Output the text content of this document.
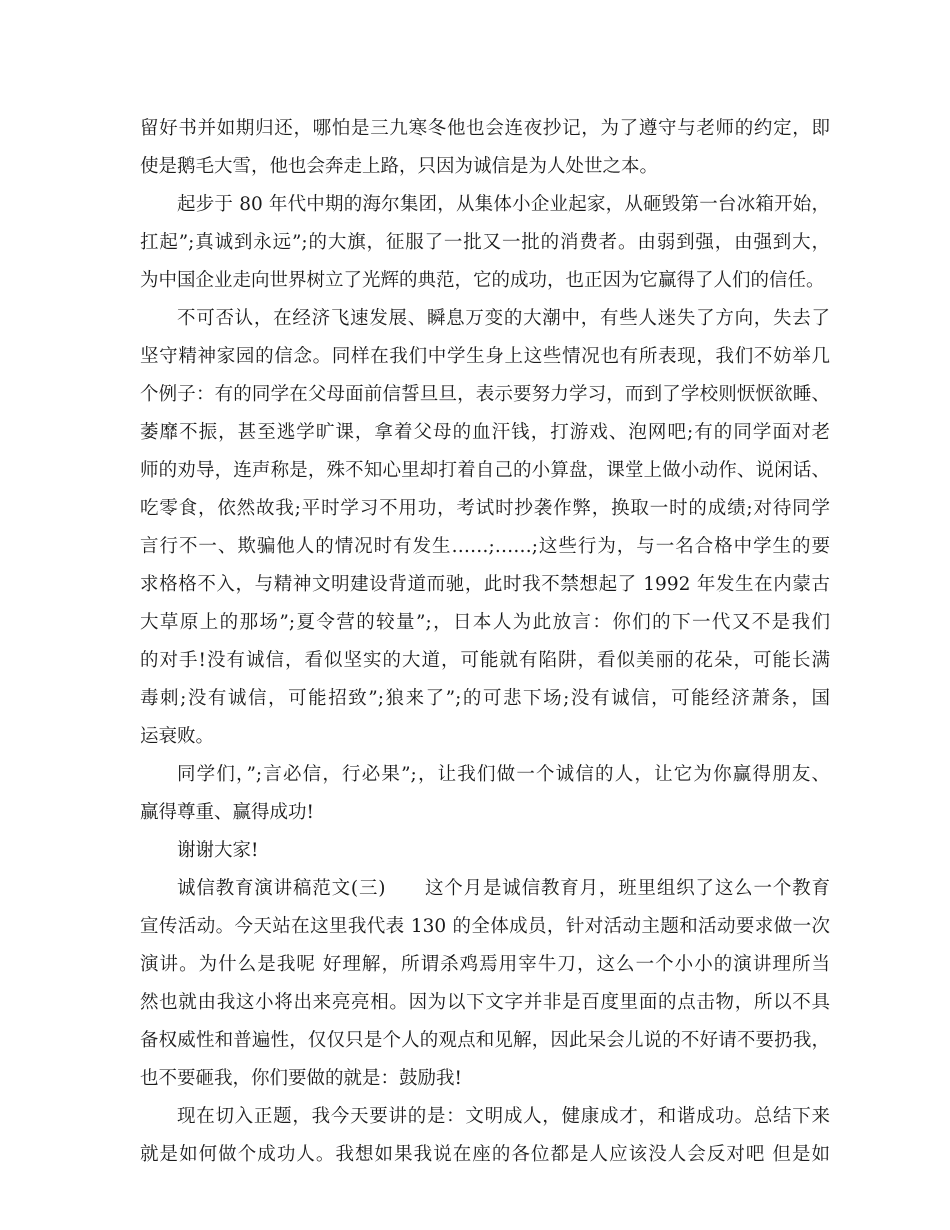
留好书并如期归还，哪怕是三九寒冬他也会连夜抄记，为了遵守与老师的约定，即
使是鹅毛大雪，他也会奔走上路，只因为诚信是为人处世之本。
起步于 80 年代中期的海尔集团，从集体小企业起家，从砸毁第一台冰箱开始，
扛起”;真诚到永远”;的大旗，征服了一批又一批的消费者。由弱到强，由强到大，
为中国企业走向世界树立了光辉的典范，它的成功，也正因为它赢得了人们的信任。
不可否认，在经济飞速发展、瞬息万变的大潮中，有些人迷失了方向，失去了
坚守精神家园的信念。同样在我们中学生身上这些情况也有所表现，我们不妨举几
个例子：有的同学在父母面前信誓旦旦，表示要努力学习，而到了学校则恹恹欲睡、
萎靡不振，甚至逃学旷课，拿着父母的血汗钱，打游戏、泡网吧;有的同学面对老
师的劝导，连声称是，殊不知心里却打着自己的小算盘，课堂上做小动作、说闲话、
吃零食，依然故我;平时学习不用功，考试时抄袭作弊，换取一时的成绩;对待同学
言行不一、欺骗他人的情况时有发生……;……;这些行为，与一名合格中学生的要
求格格不入，与精神文明建设背道而驰，此时我不禁想起了 1992 年发生在内蒙古
大草原上的那场”;夏令营的较量”;，日本人为此放言：你们的下一代又不是我们
的对手!没有诚信，看似坚实的大道，可能就有陷阱，看似美丽的花朵，可能长满
毒刺;没有诚信，可能招致”;狼来了”;的可悲下场;没有诚信，可能经济萧条，国
运衰败。
同学们，”;言必信，行必果”;，让我们做一个诚信的人，让它为你赢得朋友、
赢得尊重、赢得成功!
谢谢大家!
诚信教育演讲稿范文(三)　　这个月是诚信教育月，班里组织了这么一个教育
宣传活动。今天站在这里我代表 130 的全体成员，针对活动主题和活动要求做一次
演讲。为什么是我呢 好理解，所谓杀鸡焉用宰牛刀，这么一个小小的演讲理所当
然也就由我这小将出来亮亮相。因为以下文字并非是百度里面的点击物，所以不具
备权威性和普遍性，仅仅只是个人的观点和见解，因此呆会儿说的不好请不要扔我，
也不要砸我，你们要做的就是：鼓励我!
现在切入正题，我今天要讲的是：文明成人，健康成才，和谐成功。总结下来
就是如何做个成功人。我想如果我说在座的各位都是人应该没人会反对吧 但是如
